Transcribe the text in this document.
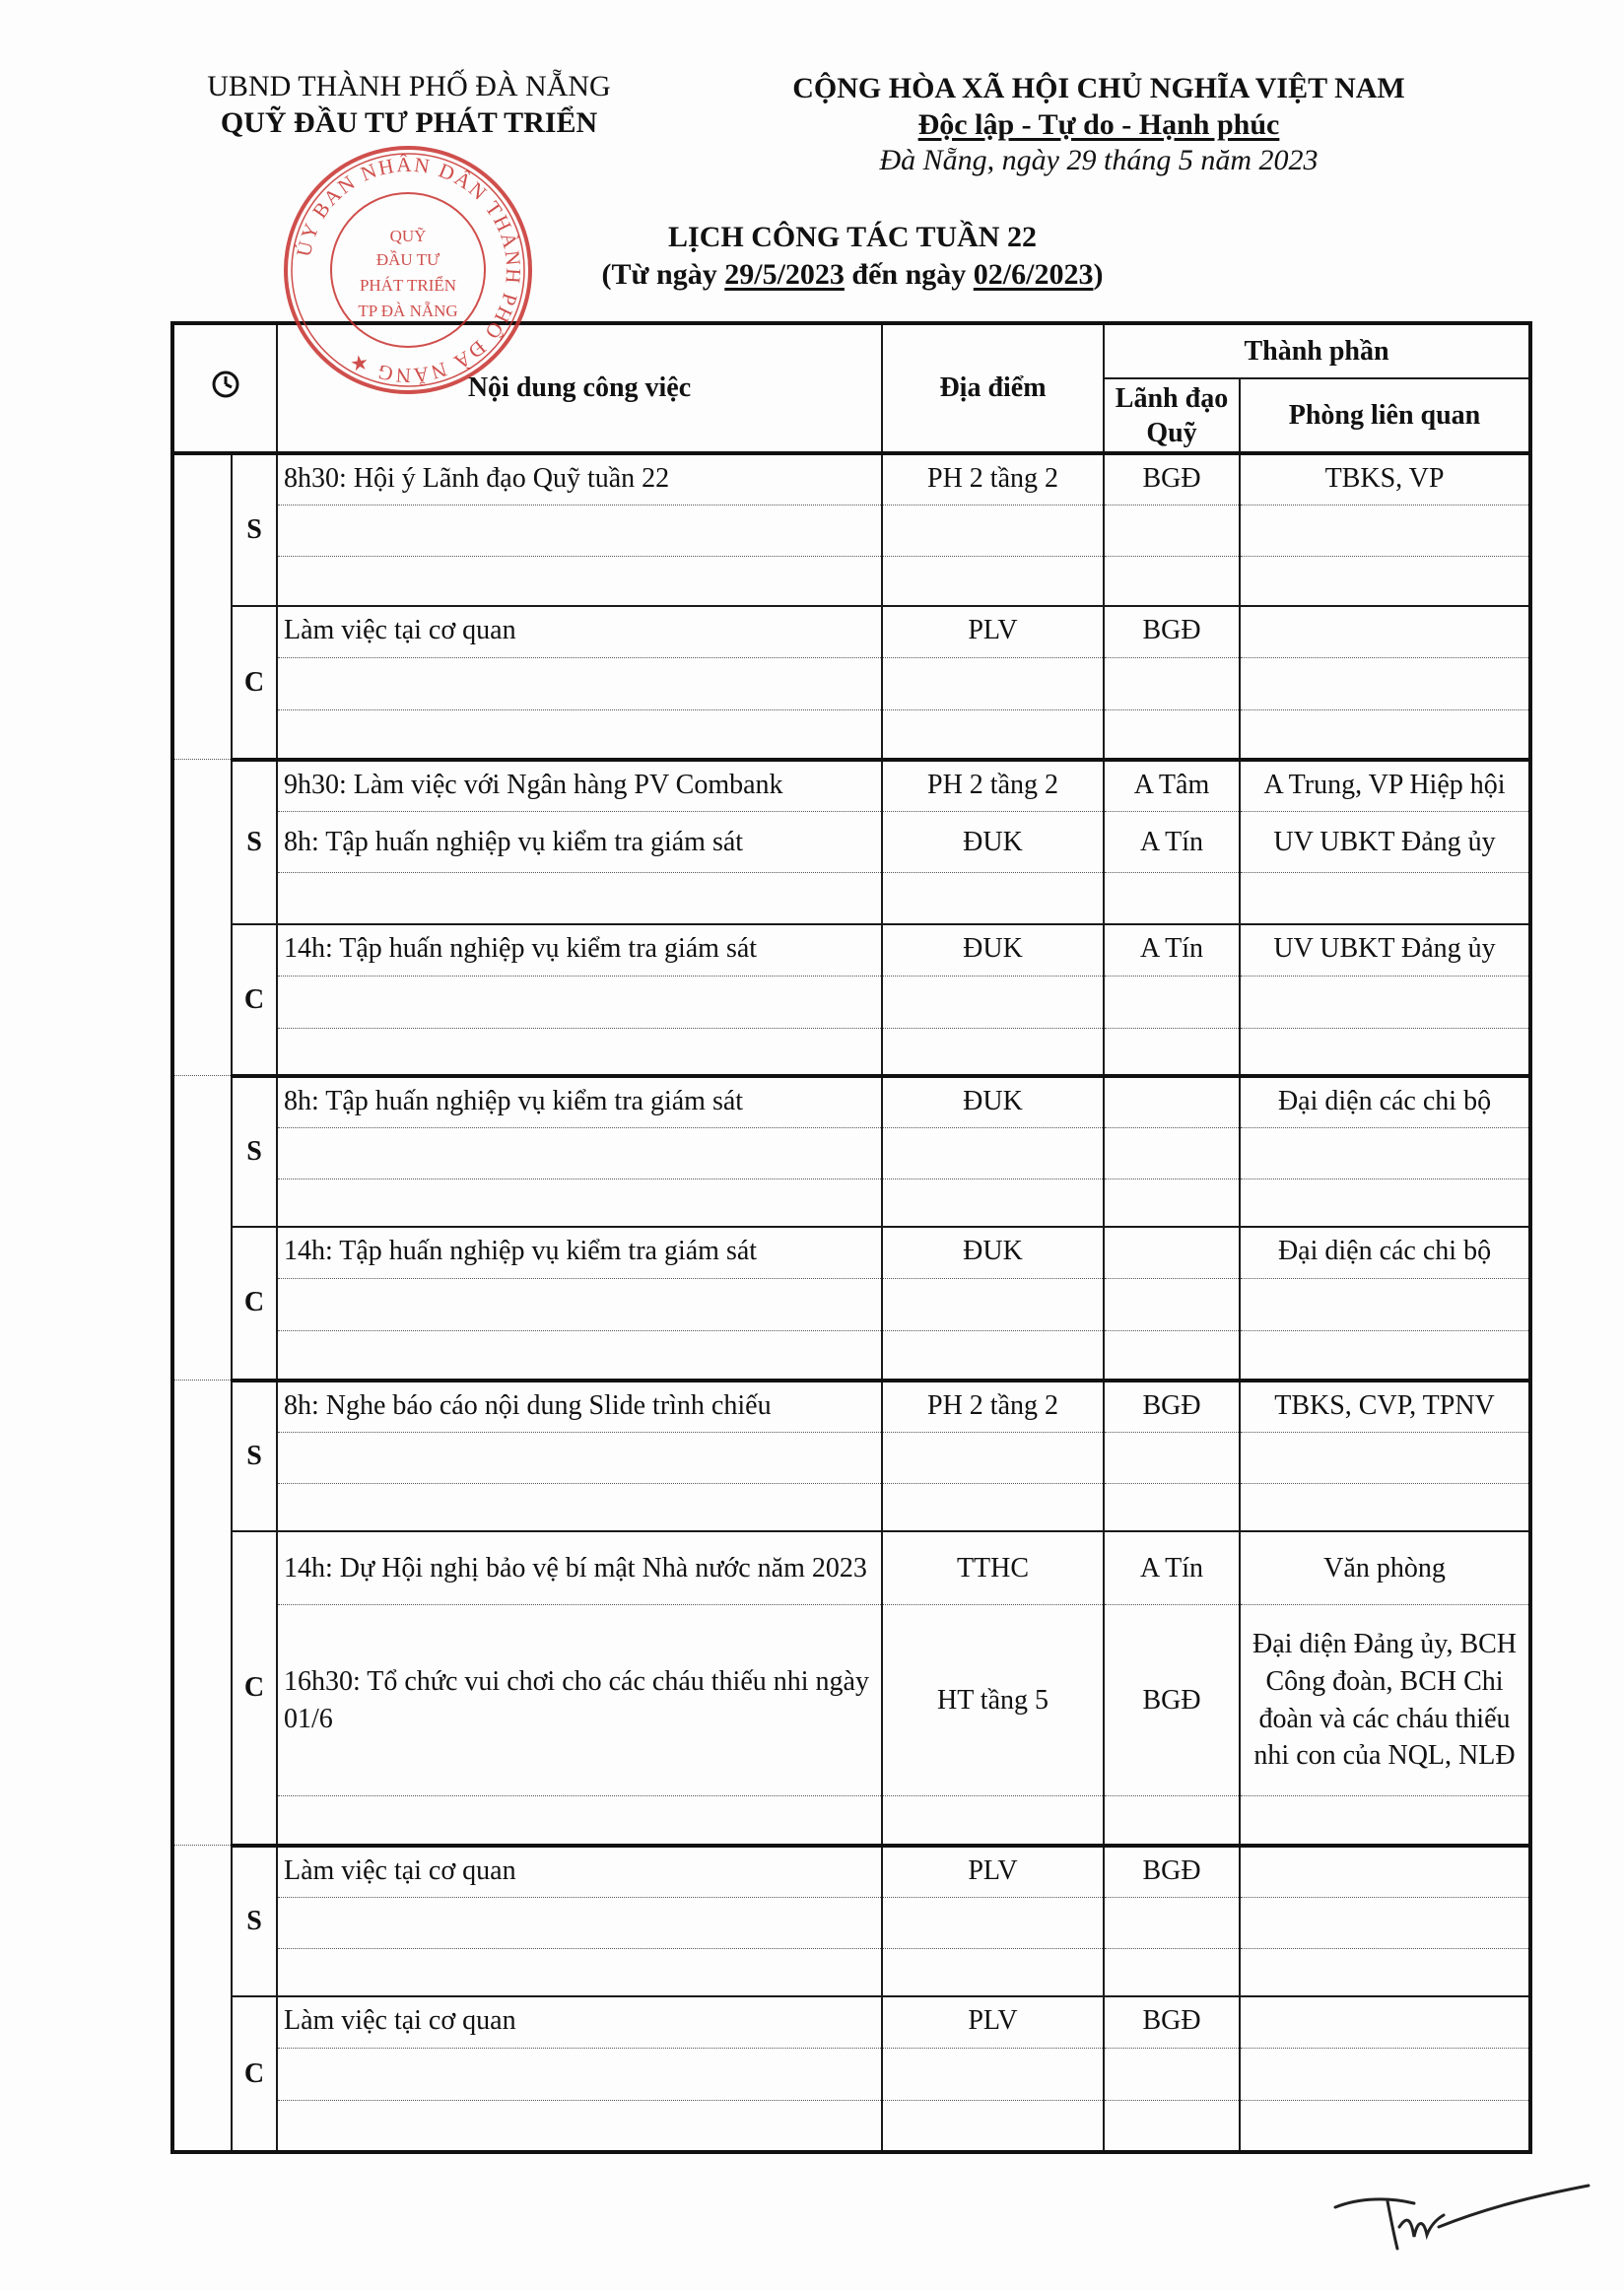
UBND THÀNH PHỐ ĐÀ NẴNG
QUỸ ĐẦU TƯ PHÁT TRIỂN
CỘNG HÒA XÃ HỘI CHỦ NGHĨA VIỆT NAM
Độc lập - Tự do - Hạnh phúc
Đà Nẵng, ngày 29 tháng 5 năm 2023
LỊCH CÔNG TÁC TUẦN 22
(Từ ngày 29/5/2023 đến ngày 02/6/2023)
	Nội dung công việc	Địa điểm	Thành phần	
				Lãnh đạo Quỹ	Phòng liên quan
	S	8h30: Hội ý Lãnh đạo Quỹ tuần 22	PH 2 tầng 2	BGĐ	TBKS, VP

	C	Làm việc tại cơ quan	PLV	BGĐ	

	S	9h30: Làm việc với Ngân hàng PV Combank	PH 2 tầng 2	A Tâm	A Trung, VP Hiệp hội
		8h: Tập huấn nghiệp vụ kiểm tra giám sát	ĐUK	A Tín	UV UBKT Đảng ủy

	C	14h: Tập huấn nghiệp vụ kiểm tra giám sát	ĐUK	A Tín	UV UBKT Đảng ủy

	S	8h: Tập huấn nghiệp vụ kiểm tra giám sát	ĐUK		Đại diện các chi bộ

	C	14h: Tập huấn nghiệp vụ kiểm tra giám sát	ĐUK		Đại diện các chi bộ

	S	8h: Nghe báo cáo nội dung Slide trình chiếu	PH 2 tầng 2	BGĐ	TBKS, CVP, TPNV

	C	14h: Dự Hội nghị bảo vệ bí mật Nhà nước năm 2023	TTHC	A Tín	Văn phòng
		16h30: Tổ chức vui chơi cho các cháu thiếu nhi ngày 01/6	HT tầng 5	BGĐ	Đại diện Đảng ủy, BCH Công đoàn, BCH Chi đoàn và các cháu thiếu nhi con của NQL, NLĐ

	S	Làm việc tại cơ quan	PLV	BGĐ	

	C	Làm việc tại cơ quan	PLV	BGĐ	

ỦY BAN NHÂN DÂN THÀNH PHỐ ĐÀ NẴNG ★
QUỸ
ĐẦU TƯ
PHÁT TRIỂN
TP ĐÀ NẴNG
